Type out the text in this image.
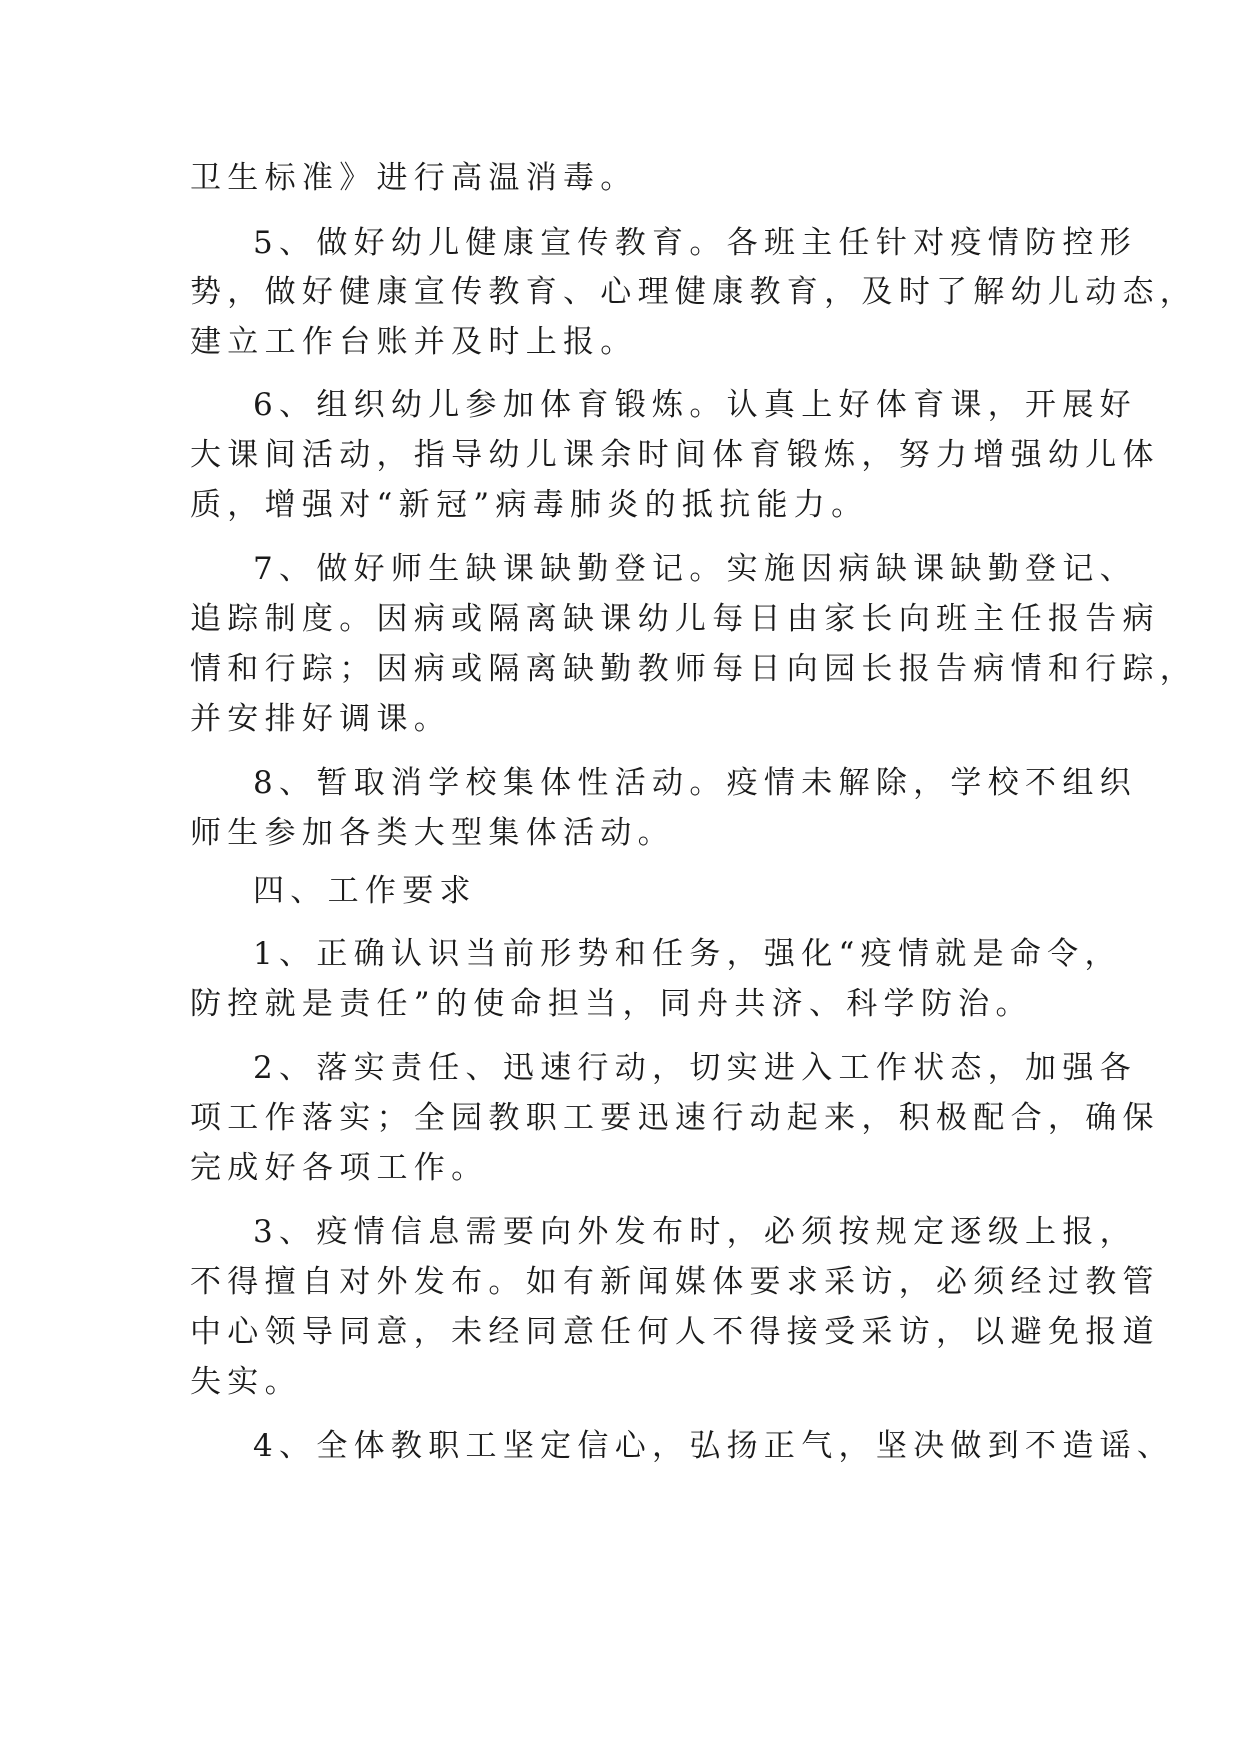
卫生标准》进行高温消毒。
5、做好幼儿健康宣传教育。各班主任针对疫情防控形
势，做好健康宣传教育、心理健康教育，及时了解幼儿动态，
建立工作台账并及时上报。
6、组织幼儿参加体育锻炼。认真上好体育课，开展好
大课间活动，指导幼儿课余时间体育锻炼，努力增强幼儿体
质，增强对“新冠”病毒肺炎的抵抗能力。
7、做好师生缺课缺勤登记。实施因病缺课缺勤登记、
追踪制度。因病或隔离缺课幼儿每日由家长向班主任报告病
情和行踪；因病或隔离缺勤教师每日向园长报告病情和行踪，
并安排好调课。
8、暂取消学校集体性活动。疫情未解除，学校不组织
师生参加各类大型集体活动。
四、工作要求
1、正确认识当前形势和任务，强化“疫情就是命令，
防控就是责任”的使命担当，同舟共济、科学防治。
2、落实责任、迅速行动，切实进入工作状态，加强各
项工作落实；全园教职工要迅速行动起来，积极配合，确保
完成好各项工作。
3、疫情信息需要向外发布时，必须按规定逐级上报，
不得擅自对外发布。如有新闻媒体要求采访，必须经过教管
中心领导同意，未经同意任何人不得接受采访，以避免报道
失实。
4、全体教职工坚定信心，弘扬正气，坚决做到不造谣、
